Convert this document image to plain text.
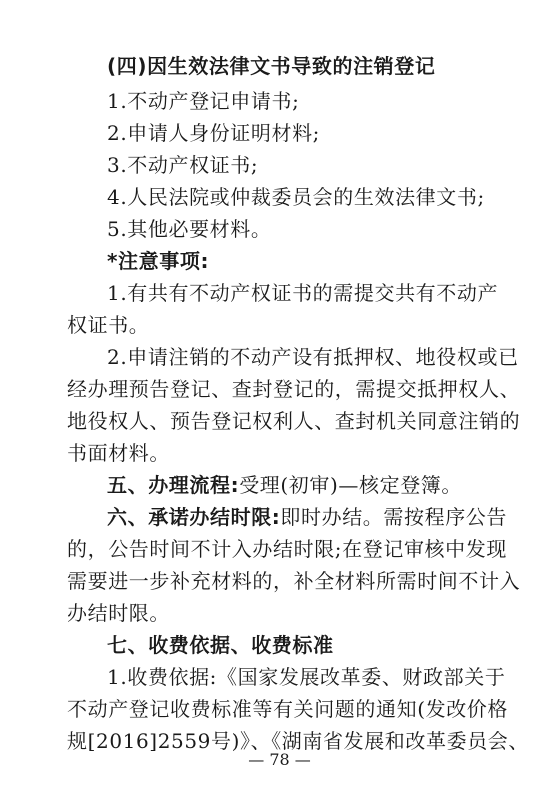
(四)因生效法律文书导致的注销登记
1.不动产登记申请书;
2.申请人身份证明材料;
3.不动产权证书;
4.人民法院或仲裁委员会的生效法律文书;
5.其他必要材料。
*注意事项:
1.有共有不动产权证书的需提交共有不动产
权证书。
2.申请注销的不动产设有抵押权、地役权或已
经办理预告登记、查封登记的，需提交抵押权人、
地役权人、预告登记权利人、查封机关同意注销的
书面材料。
五、办理流程:受理(初审)—核定登簿。
六、承诺办结时限:即时办结。需按程序公告
的，公告时间不计入办结时限;在登记审核中发现
需要进一步补充材料的，补全材料所需时间不计入
办结时限。
七、收费依据、收费标准
1.收费依据:《国家发展改革委、财政部关于
不动产登记收费标准等有关问题的通知(发改价格
规[2016]2559号)》、《湖南省发展和改革委员会、
— 78 —
